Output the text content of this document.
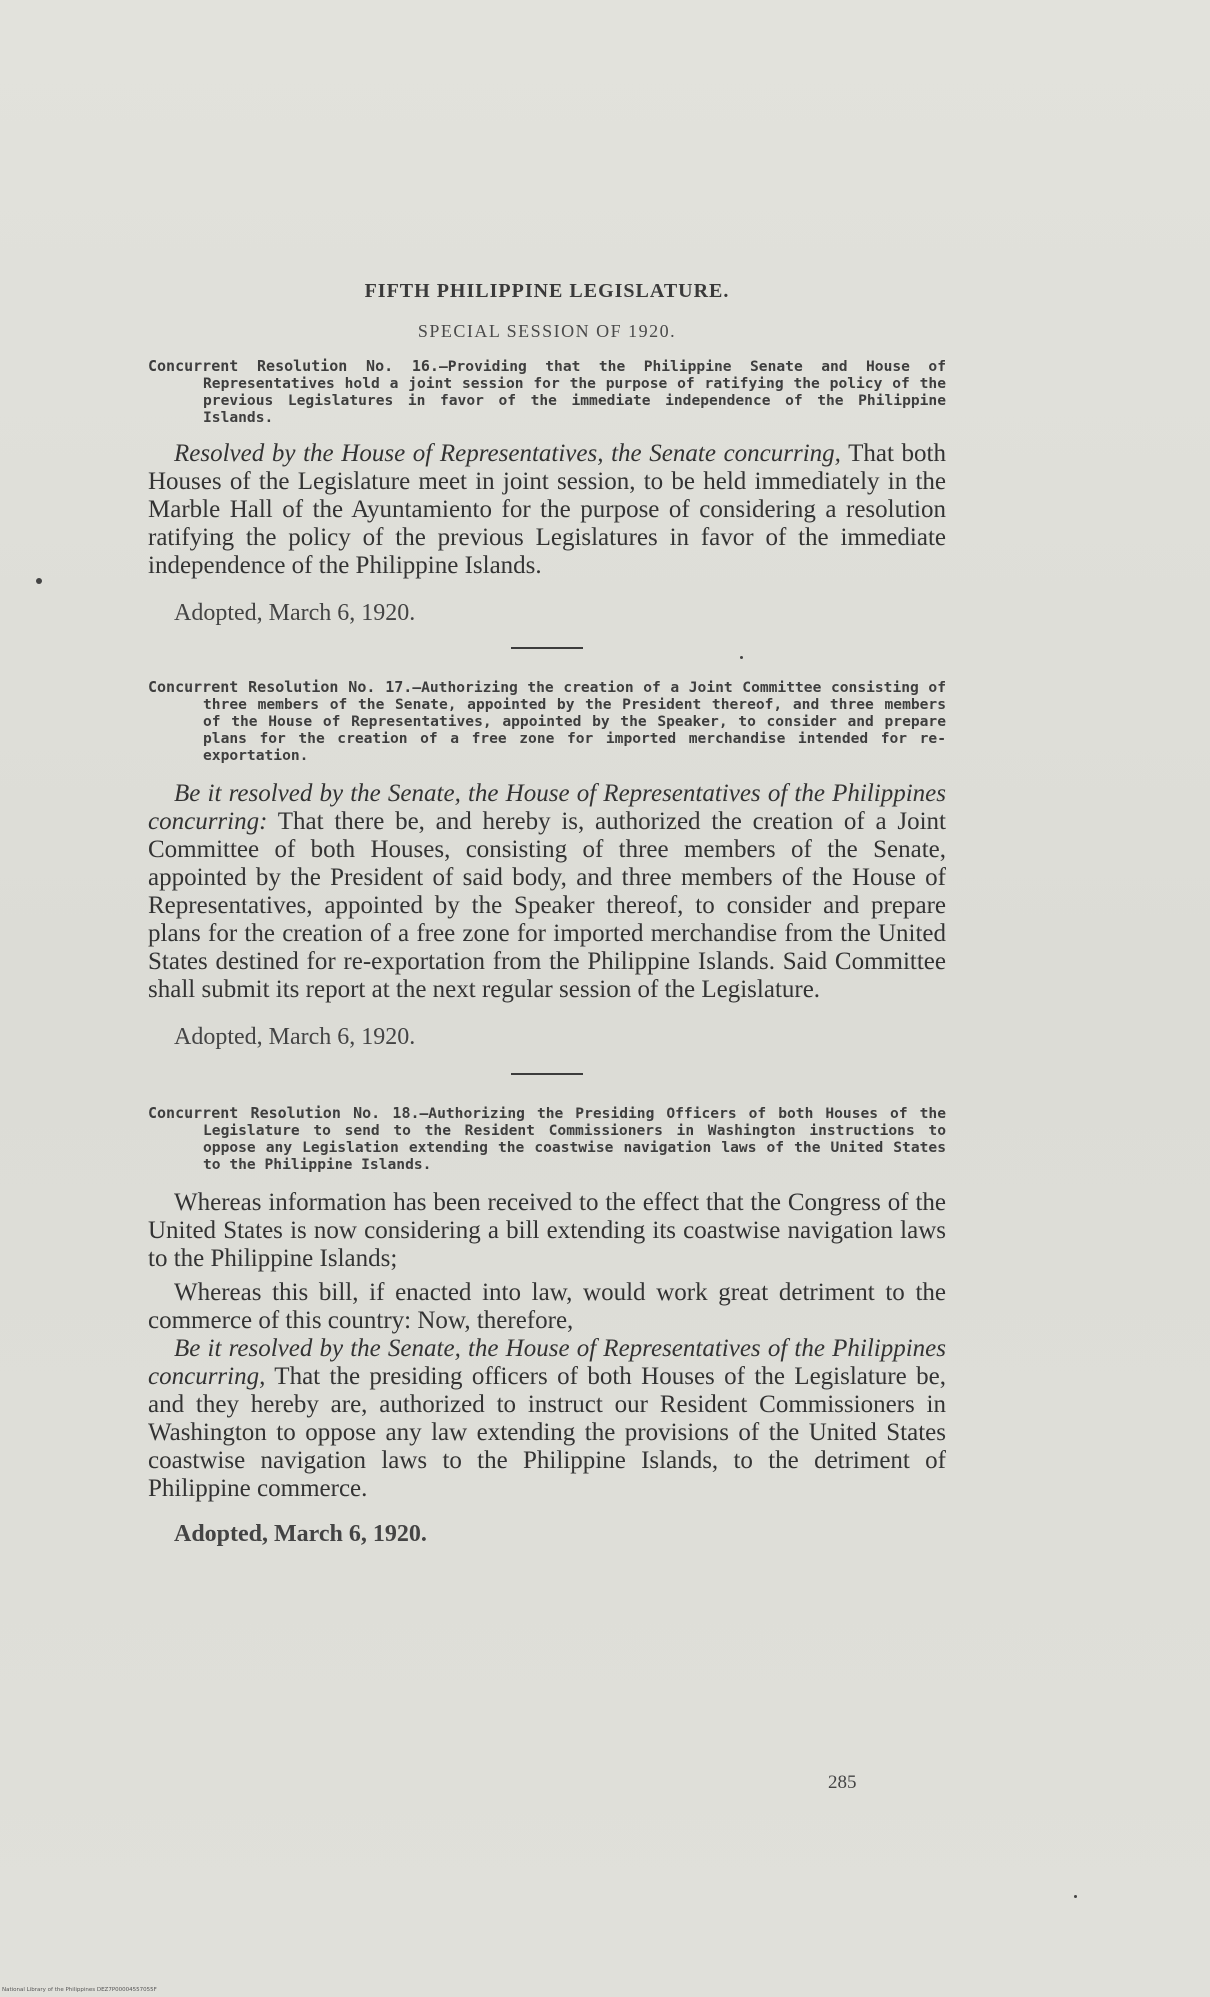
FIFTH PHILIPPINE LEGISLATURE.

SPECIAL SESSION OF 1920.

Concurrent Resolution No. 16.—Providing that the Philippine Senate and House of Representatives hold a joint session for the purpose of ratifying the policy of the previous Legislatures in favor of the immediate independence of the Philippine Islands.

Resolved by the House of Representatives, the Senate concurring, That both Houses of the Legislature meet in joint session, to be held immediately in the Marble Hall of the Ayuntamiento for the purpose of considering a resolution ratifying the policy of the previous Legislatures in favor of the immediate independence of the Philippine Islands.

Adopted, March 6, 1920.

Concurrent Resolution No. 17.—Authorizing the creation of a Joint Committee consisting of three members of the Senate, appointed by the President thereof, and three members of the House of Representatives, appointed by the Speaker, to consider and prepare plans for the creation of a free zone for imported merchandise intended for re-exportation.

Be it resolved by the Senate, the House of Representatives of the Philippines concurring: That there be, and hereby is, authorized the creation of a Joint Committee of both Houses, consisting of three members of the Senate, appointed by the President of said body, and three members of the House of Representatives, appointed by the Speaker thereof, to consider and prepare plans for the creation of a free zone for imported merchandise from the United States destined for re-exportation from the Philippine Islands. Said Committee shall submit its report at the next regular session of the Legislature.

Adopted, March 6, 1920.

Concurrent Resolution No. 18.—Authorizing the Presiding Officers of both Houses of the Legislature to send to the Resident Commissioners in Washington instructions to oppose any Legislation extending the coastwise navigation laws of the United States to the Philippine Islands.

Whereas information has been received to the effect that the Congress of the United States is now considering a bill extending its coastwise navigation laws to the Philippine Islands;

Whereas this bill, if enacted into law, would work great detriment to the commerce of this country: Now, therefore,

Be it resolved by the Senate, the House of Representatives of the Philippines concurring, That the presiding officers of both Houses of the Legislature be, and they hereby are, authorized to instruct our Resident Commissioners in Washington to oppose any law extending the provisions of the United States coastwise navigation laws to the Philippine Islands, to the detriment of Philippine commerce.

Adopted, March 6, 1920.

285
National Library of the Philippines DEZ7P00004557055F
